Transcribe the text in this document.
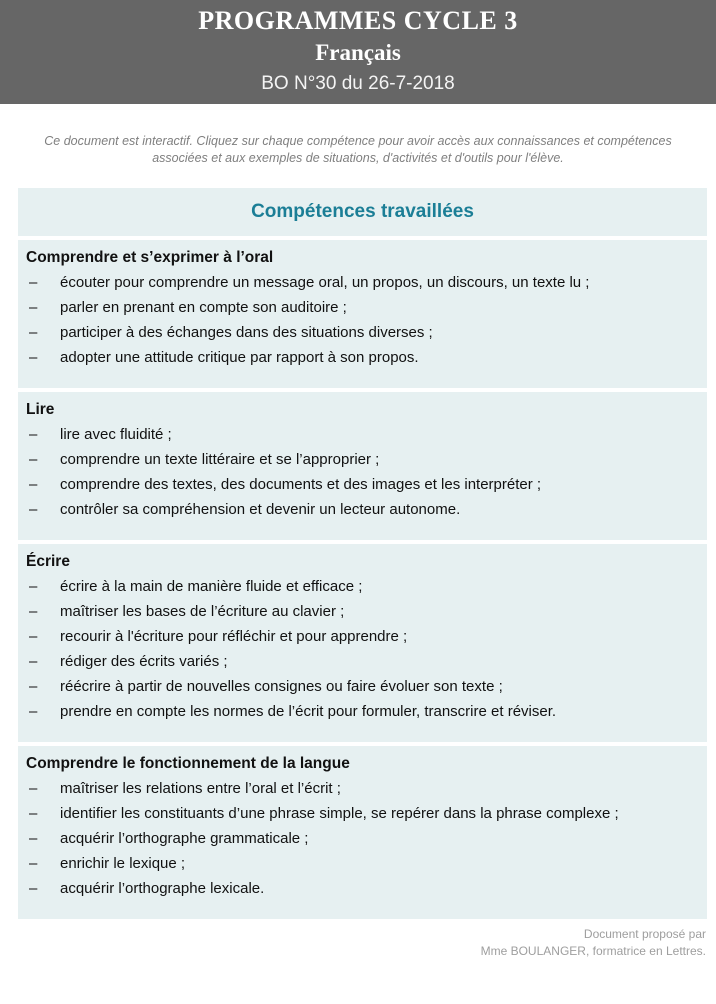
PROGRAMMES CYCLE 3
Français
BO N°30 du 26-7-2018

Ce document est interactif. Cliquez sur chaque compétence pour avoir accès aux connaissances et compétences associées et aux exemples de situations, d'activités et d'outils pour l'élève.

Compétences travaillées
Comprendre et s’exprimer à l’oral
– écouter pour comprendre un message oral, un propos, un discours, un texte lu ;
– parler en prenant en compte son auditoire ;
– participer à des échanges dans des situations diverses ;
– adopter une attitude critique par rapport à son propos.
Lire
– lire avec fluidité ;
– comprendre un texte littéraire et se l’approprier ;
– comprendre des textes, des documents et des images et les interpréter ;
– contrôler sa compréhension et devenir un lecteur autonome.
Écrire
– écrire à la main de manière fluide et efficace ;
– maîtriser les bases de l’écriture au clavier ;
– recourir à l'écriture pour réfléchir et pour apprendre ;
– rédiger des écrits variés ;
– réécrire à partir de nouvelles consignes ou faire évoluer son texte ;
– prendre en compte les normes de l’écrit pour formuler, transcrire et réviser.
Comprendre le fonctionnement de la langue
– maîtriser les relations entre l’oral et l’écrit ;
– identifier les constituants d’une phrase simple, se repérer dans la phrase complexe ;
– acquérir l’orthographe grammaticale ;
– enrichir le lexique ;
– acquérir l’orthographe lexicale.
Document proposé par
Mme BOULANGER, formatrice en Lettres.
